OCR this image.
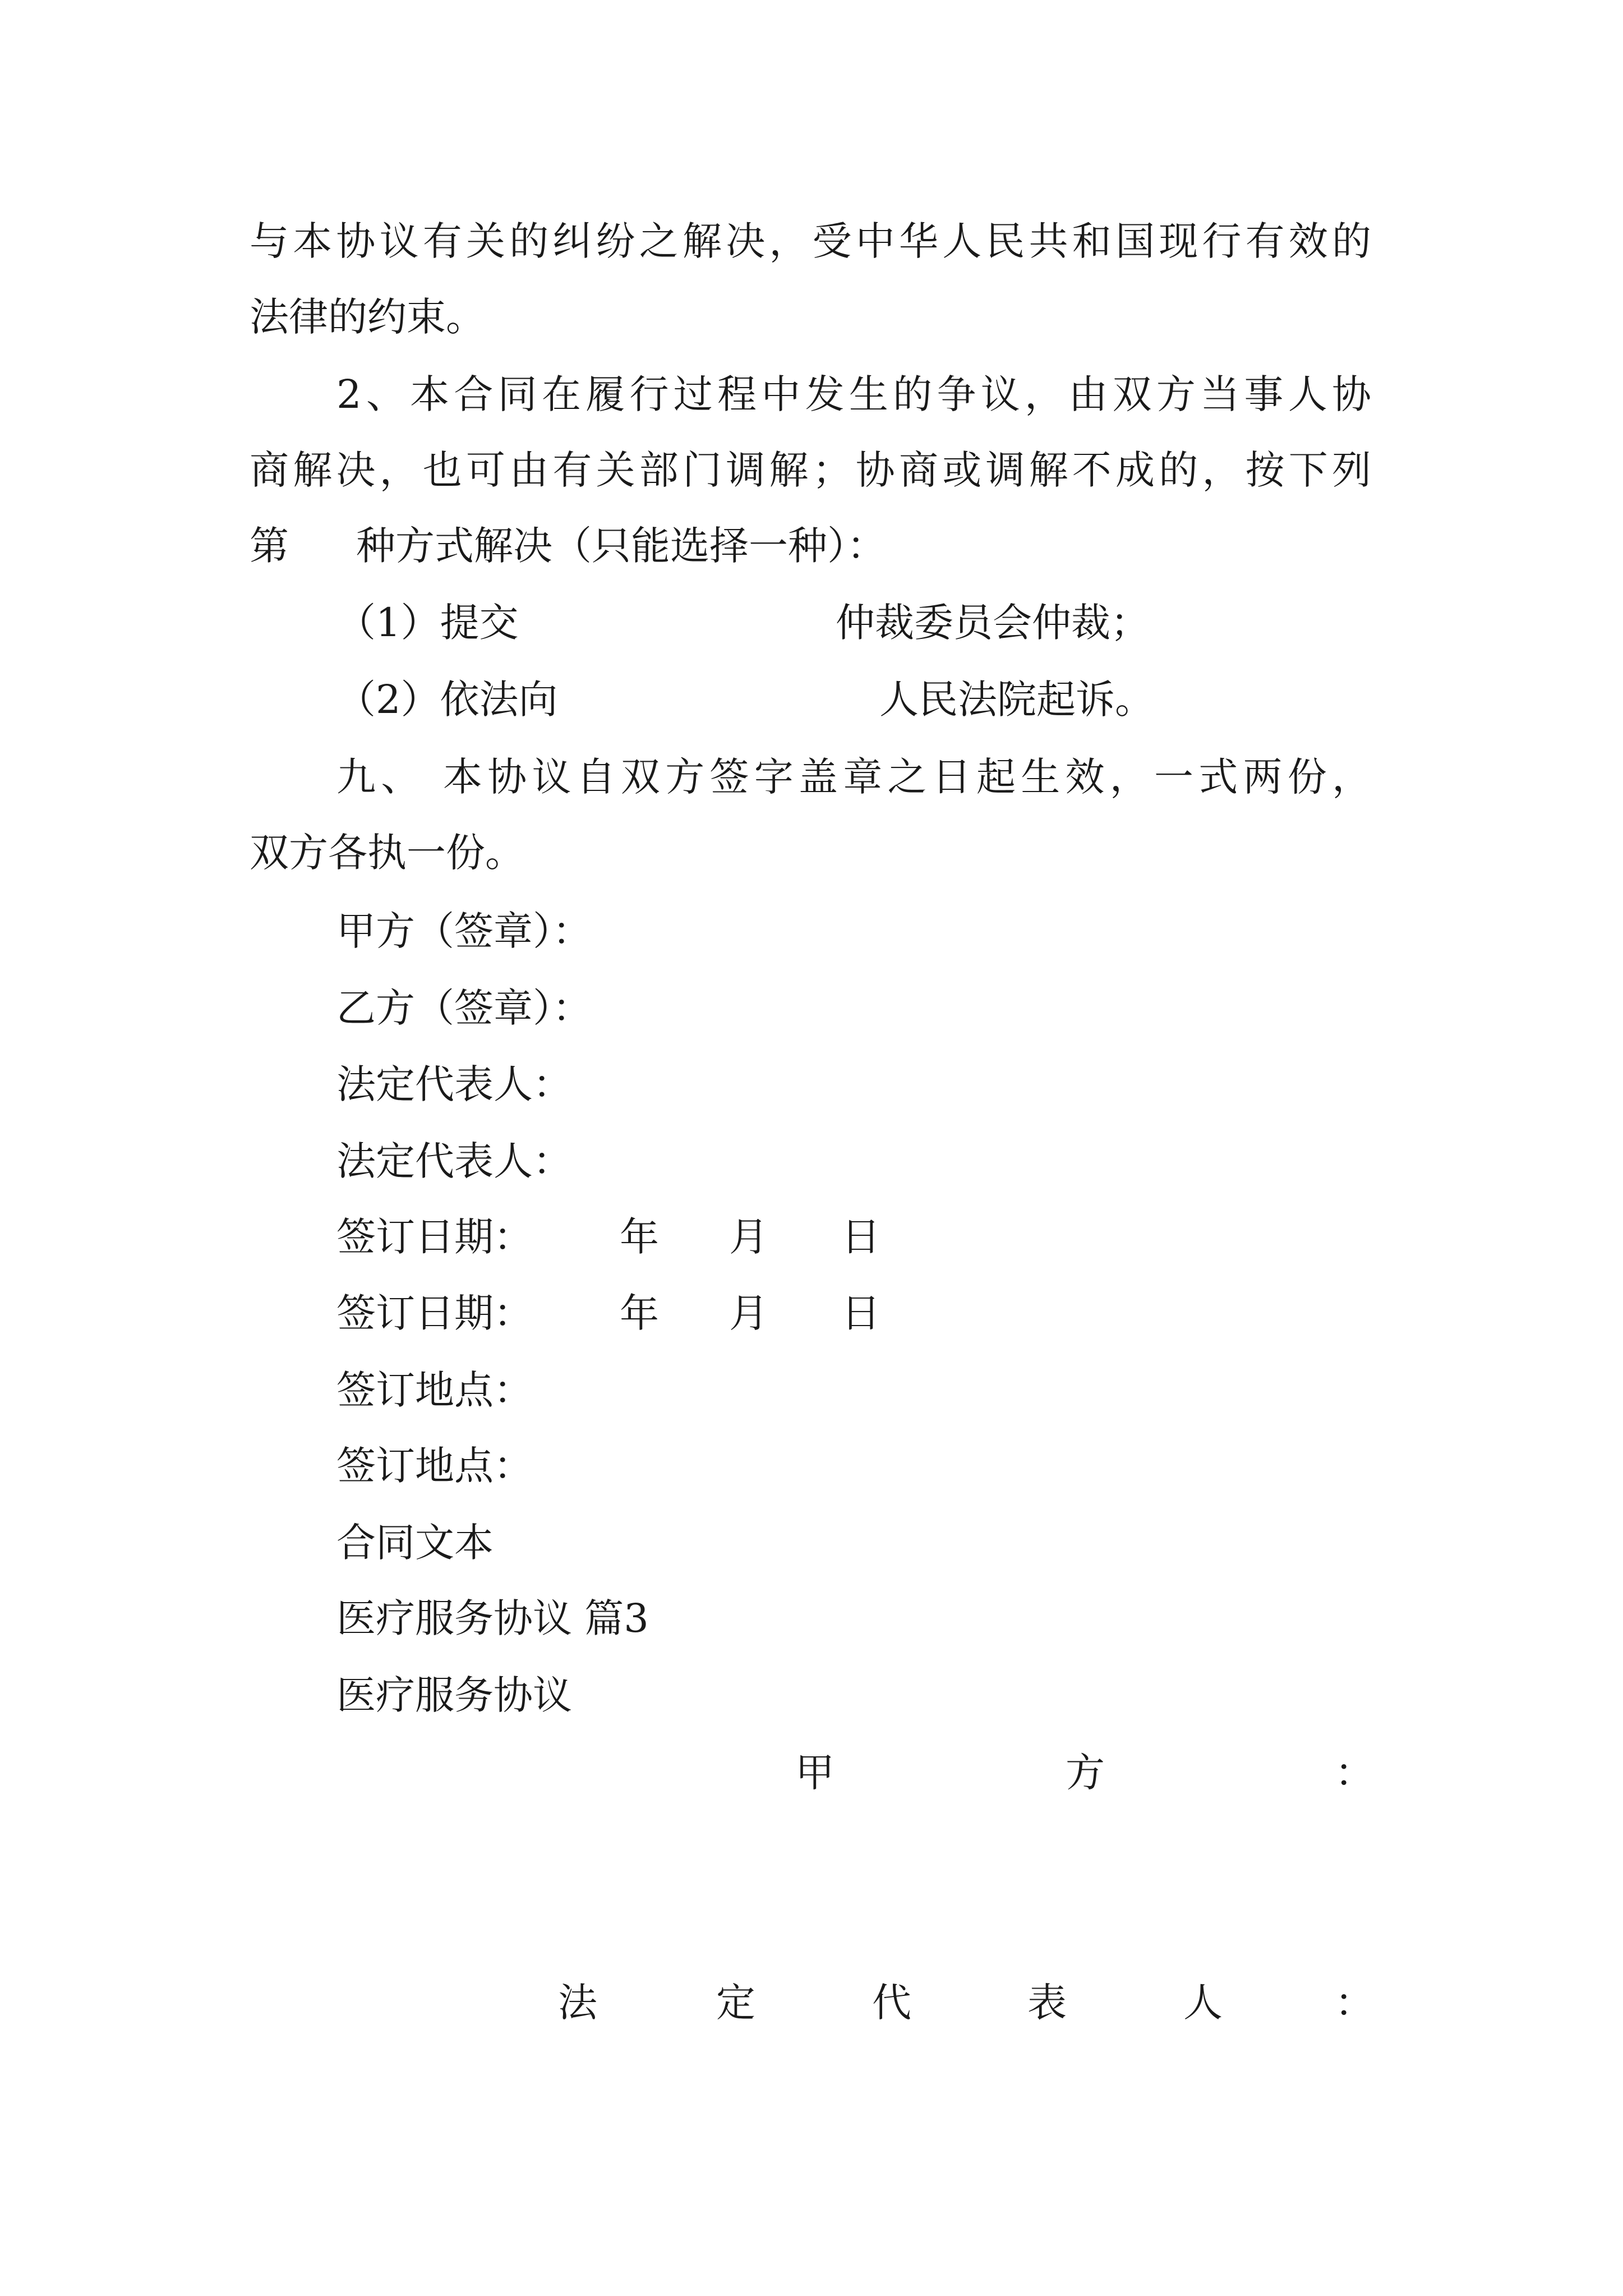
与本协议有关的纠纷之解决，受中华人民共和国现行有效的
法律的约束。
2、本合同在履行过程中发生的争议，由双方当事人协
商解决，也可由有关部门调解；协商或调解不成的，按下列
第 种方式解决（只能选择一种）：
（1）提交	仲裁委员会仲裁；
（2）依法向	人民法院起诉。
九、 本协议自双方签字盖章之日起生效，一式两份，
双方各执一份。
甲方（签章）：
乙方（签章）：
法定代表人：
法定代表人：
签订日期： 年 月 日
签订日期： 年 月 日
签订地点：
签订地点：
合同文本
医疗服务协议 篇3
医疗服务协议
甲	方	：
法	定	代	表	人	：
